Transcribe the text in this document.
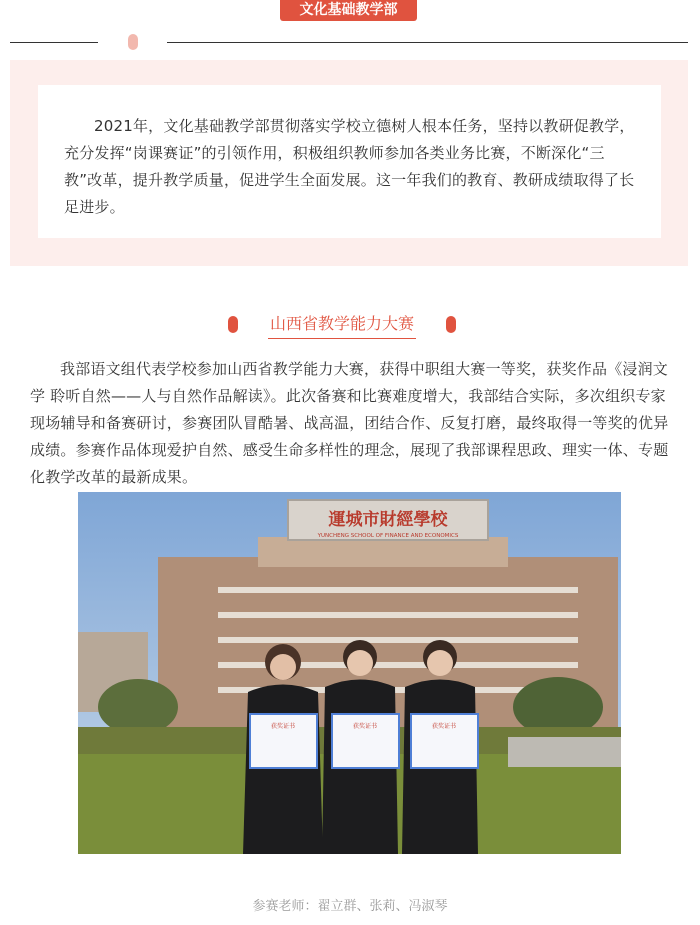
文化基础教学部

2021年，文化基础教学部贯彻落实学校立德树人根本任务，坚持以教研促教学，充分发挥“岗课赛证”的引领作用，积极组织教师参加各类业务比赛，不断深化“三教”改革，提升教学质量，促进学生全面发展。这一年我们的教育、教研成绩取得了长足进步。

山西省教学能力大赛

我部语文组代表学校参加山西省教学能力大赛，获得中职组大赛一等奖，获奖作品《浸润文学 聆听自然——人与自然作品解读》。此次备赛和比赛难度增大，我部结合实际，多次组织专家现场辅导和备赛研讨，参赛团队冒酷暑、战高温，团结合作、反复打磨，最终取得一等奖的优异成绩。参赛作品体现爱护自然、感受生命多样性的理念，展现了我部课程思政、理实一体、专题化教学改革的最新成果。

運城市財經學校
YUNCHENG SCHOOL OF FINANCE AND ECONOMICS
获奖证书	获奖证书	获奖证书
参赛老师：翟立群、张莉、冯淑琴
